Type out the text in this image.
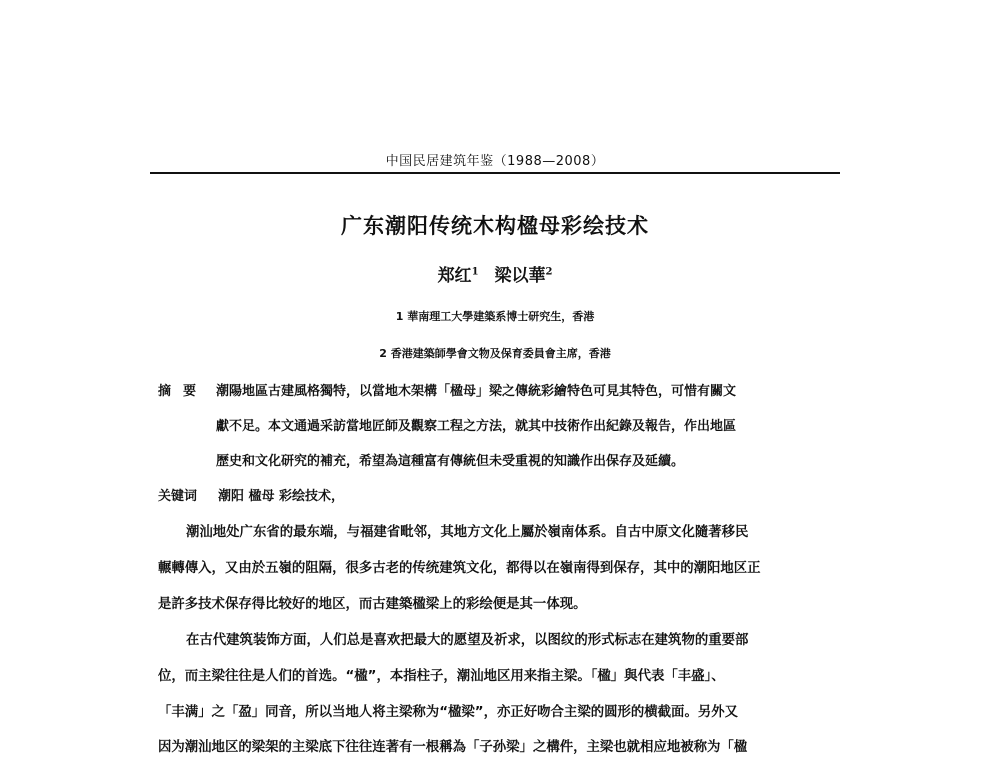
中国民居建筑年鉴（1988—2008）
广东潮阳传统木构楹母彩绘技术
郑红$^1$ 梁以華$^2$
1 華南理工大學建築系博士研究生，香港
2 香港建築師學會文物及保育委員會主席，香港
摘要 潮陽地區古建風格獨特，以當地木架構「楹母」梁之傳統彩繪特色可見其特色，可惜有關文
獻不足。本文通過采訪當地匠師及觀察工程之方法，就其中技術作出紀錄及報告，作出地區
歷史和文化研究的補充，希望為這種富有傳統但未受重視的知識作出保存及延續。
关键词 潮阳 楹母 彩绘技术，
潮汕地处广东省的最东端，与福建省毗邻，其地方文化上屬於嶺南体系。自古中原文化隨著移民
輾轉傳入，又由於五嶺的阻隔，很多古老的传统建筑文化，都得以在嶺南得到保存，其中的潮阳地区正
是許多技术保存得比较好的地区，而古建築楹梁上的彩绘便是其一体现。
在古代建筑装饰方面，人们总是喜欢把最大的愿望及祈求，以图纹的形式标志在建筑物的重要部
位，而主梁往往是人们的首选。“楹”，本指柱子，潮汕地区用来指主梁。「楹」與代表「丰盛」、
「丰满」之「盈」同音，所以当地人将主梁称为“楹梁”，亦正好吻合主梁的圆形的横截面。另外又
因为潮汕地区的梁架的主梁底下往往连著有一根稱為「子孙梁」之構件，主梁也就相应地被称为「楹
